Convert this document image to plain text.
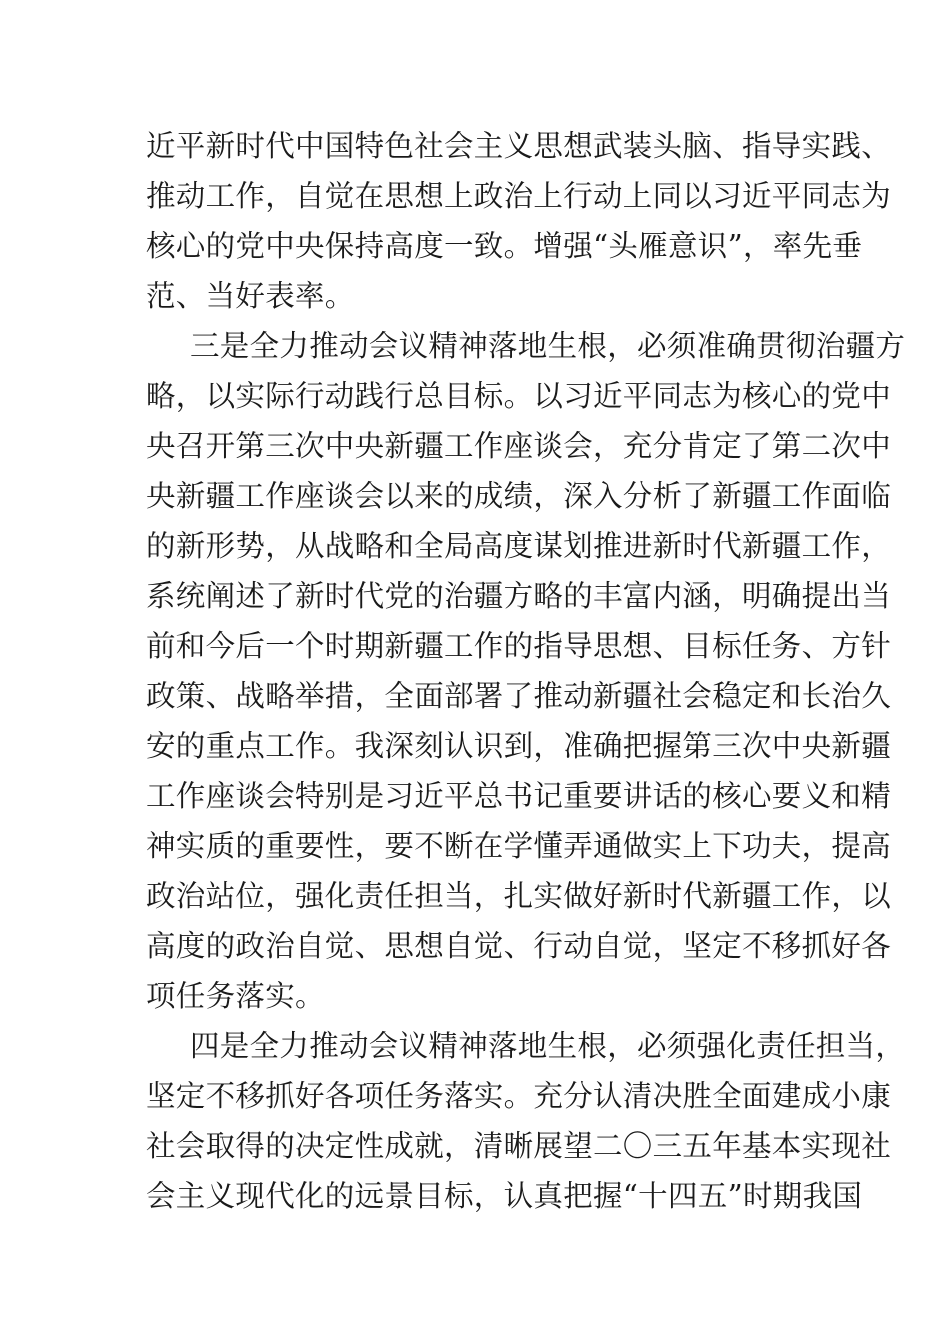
近平新时代中国特色社会主义思想武装头脑、指导实践、
推动工作，自觉在思想上政治上行动上同以习近平同志为
核心的党中央保持高度一致。增强“头雁意识”，率先垂
范、当好表率。
三是全力推动会议精神落地生根，必须准确贯彻治疆方
略，以实际行动践行总目标。以习近平同志为核心的党中
央召开第三次中央新疆工作座谈会，充分肯定了第二次中
央新疆工作座谈会以来的成绩，深入分析了新疆工作面临
的新形势，从战略和全局高度谋划推进新时代新疆工作，
系统阐述了新时代党的治疆方略的丰富内涵，明确提出当
前和今后一个时期新疆工作的指导思想、目标任务、方针
政策、战略举措，全面部署了推动新疆社会稳定和长治久
安的重点工作。我深刻认识到，准确把握第三次中央新疆
工作座谈会特别是习近平总书记重要讲话的核心要义和精
神实质的重要性，要不断在学懂弄通做实上下功夫，提高
政治站位，强化责任担当，扎实做好新时代新疆工作，以
高度的政治自觉、思想自觉、行动自觉，坚定不移抓好各
项任务落实。
四是全力推动会议精神落地生根，必须强化责任担当，
坚定不移抓好各项任务落实。充分认清决胜全面建成小康
社会取得的决定性成就，清晰展望二〇三五年基本实现社
会主义现代化的远景目标，认真把握“十四五”时期我国
